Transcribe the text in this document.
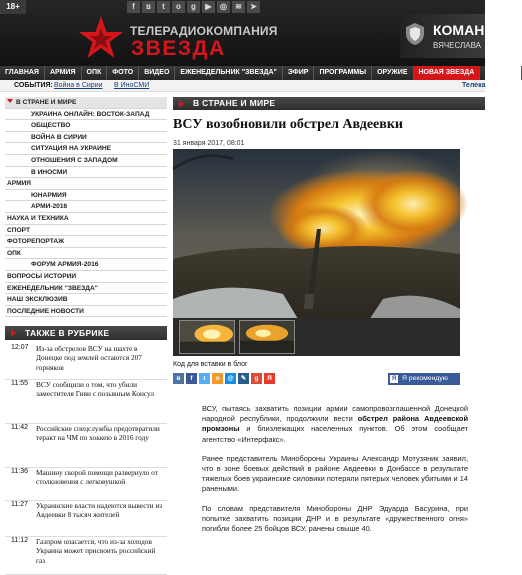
18+	f	в	t	о	g	▶	◎	≋	➤
ТЕЛЕРАДИОКОМПАНИЯ
ЗВЕЗДА
КОМАН
ВЯЧЕСЛАВА
ГЛАВНАЯ АРМИЯ ОПК ФОТО ВИДЕО ЕЖЕНЕДЕЛЬНИК "ЗВЕЗДА" ЭФИР ПРОГРАММЫ ОРУЖИЕ НОВАЯ ЗВЕЗДА ПОБЕДА
СОБЫТИЯ: Война в Сирии В ИноСМИ	Телека
В СТРАНЕ И МИРЕ
УКРАИНА ОНЛАЙН: ВОСТОК-ЗАПАД
ОБЩЕСТВО
ВОЙНА В СИРИИ
СИТУАЦИЯ НА УКРАИНЕ
ОТНОШЕНИЯ С ЗАПАДОМ
В ИНОСМИ
АРМИЯ
ЮНАРМИЯ
АРМИ-2016
НАУКА И ТЕХНИКА
СПОРТ
ФОТОРЕПОРТАЖ
ОПК
ФОРУМ АРМИЯ-2016
ВОПРОСЫ ИСТОРИИ
ЕЖЕНЕДЕЛЬНИК "ЗВЕЗДА"
НАШ ЭКСКЛЮЗИВ
ПОСЛЕДНИЕ НОВОСТИ
ТАКЖЕ В РУБРИКЕ
12:07 Из-за обстрелов ВСУ на шахте в Донецке под землей остаются 207 горняков
11:55 ВСУ сообщили о том, что убили заместителя Гиви с позывным Консул
11:42 Российские спецслужбы предотвратили теракт на ЧМ по хоккею в 2016 году
11:36 Машину скорой помощи развернуло от столкновения с легковушкой
11:27 Украинские власти надеются вывести из Авдеевки 8 тысяч жителей
11:12 Газпром опасается, что из-за холодов Украина может присвоить российский газ
В СТРАНЕ И МИРЕ
ВСУ возобновили обстрел Авдеевки
31 января 2017, 08:01
Код для вставки в блог
в	f	t	о	@	✎	g	Я	Я Я рекомендую

ВСУ, пытаясь захватить позиции армии самопровозглашенной Донецкой народной республики, продолжили вести обстрел района Авдеевской промзоны и близлежащих населенных пунктов. Об этом сообщает агентство «Интерфакс».

Ранее представитель Минобороны Украины Александр Мотузяник заявил, что в зоне боевых действий в районе Авдеевки в Донбассе в результате тяжелых боев украинские силовики потеряли пятерых человек убитыми и 14 ранеными.

По словам представителя Минобороны ДНР Эдуарда Басурина, при попытке захватить позиции ДНР и в результате «дружественного огня» погибли более 25 бойцов ВСУ, ранены свыше 40.
